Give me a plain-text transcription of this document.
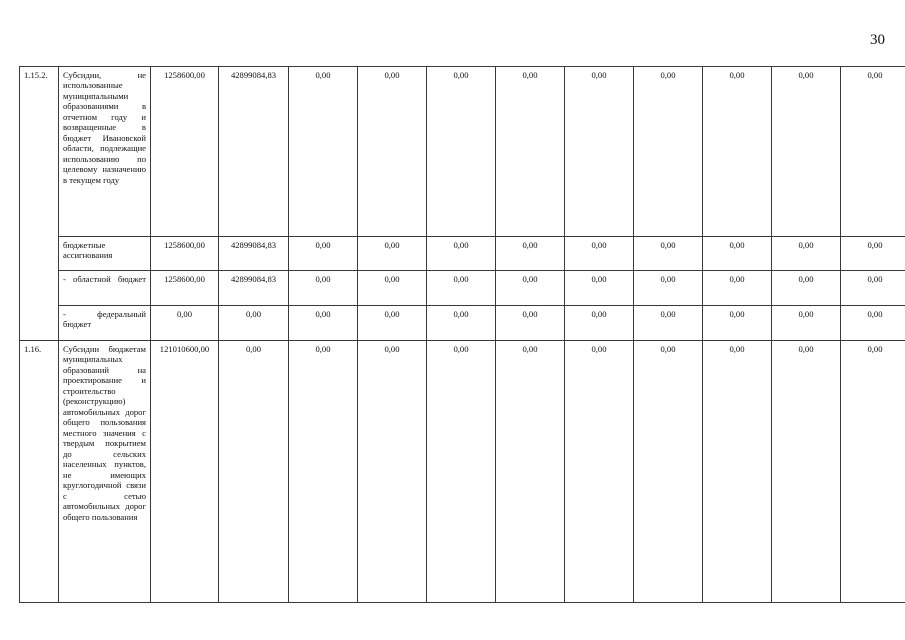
30
1.15.2.	Субсидии, не использованные муниципальными образованиями в отчетном году и возвращенные в бюджет Ивановской области, подлежащие использованию по целевому назначению в текущем году	1258600,00	42899084,83	0,00	0,00	0,00	0,00	0,00	0,00	0,00	0,00	0,00
	бюджетные ассигнования	1258600,00	42899084,83	0,00	0,00	0,00	0,00	0,00	0,00	0,00	0,00	0,00
	- областной бюджет	1258600,00	42899084,83	0,00	0,00	0,00	0,00	0,00	0,00	0,00	0,00	0,00
	- федеральный бюджет	0,00	0,00	0,00	0,00	0,00	0,00	0,00	0,00	0,00	0,00	0,00
1.16.	Субсидии бюджетам муниципальных образований на проектирование и строительство (реконструкцию) автомобильных дорог общего пользования местного значения с твердым покрытием до сельских населенных пунктов, не имеющих круглогодичной связи с сетью автомобильных дорог общего пользования	121010600,00	0,00	0,00	0,00	0,00	0,00	0,00	0,00	0,00	0,00	0,00
